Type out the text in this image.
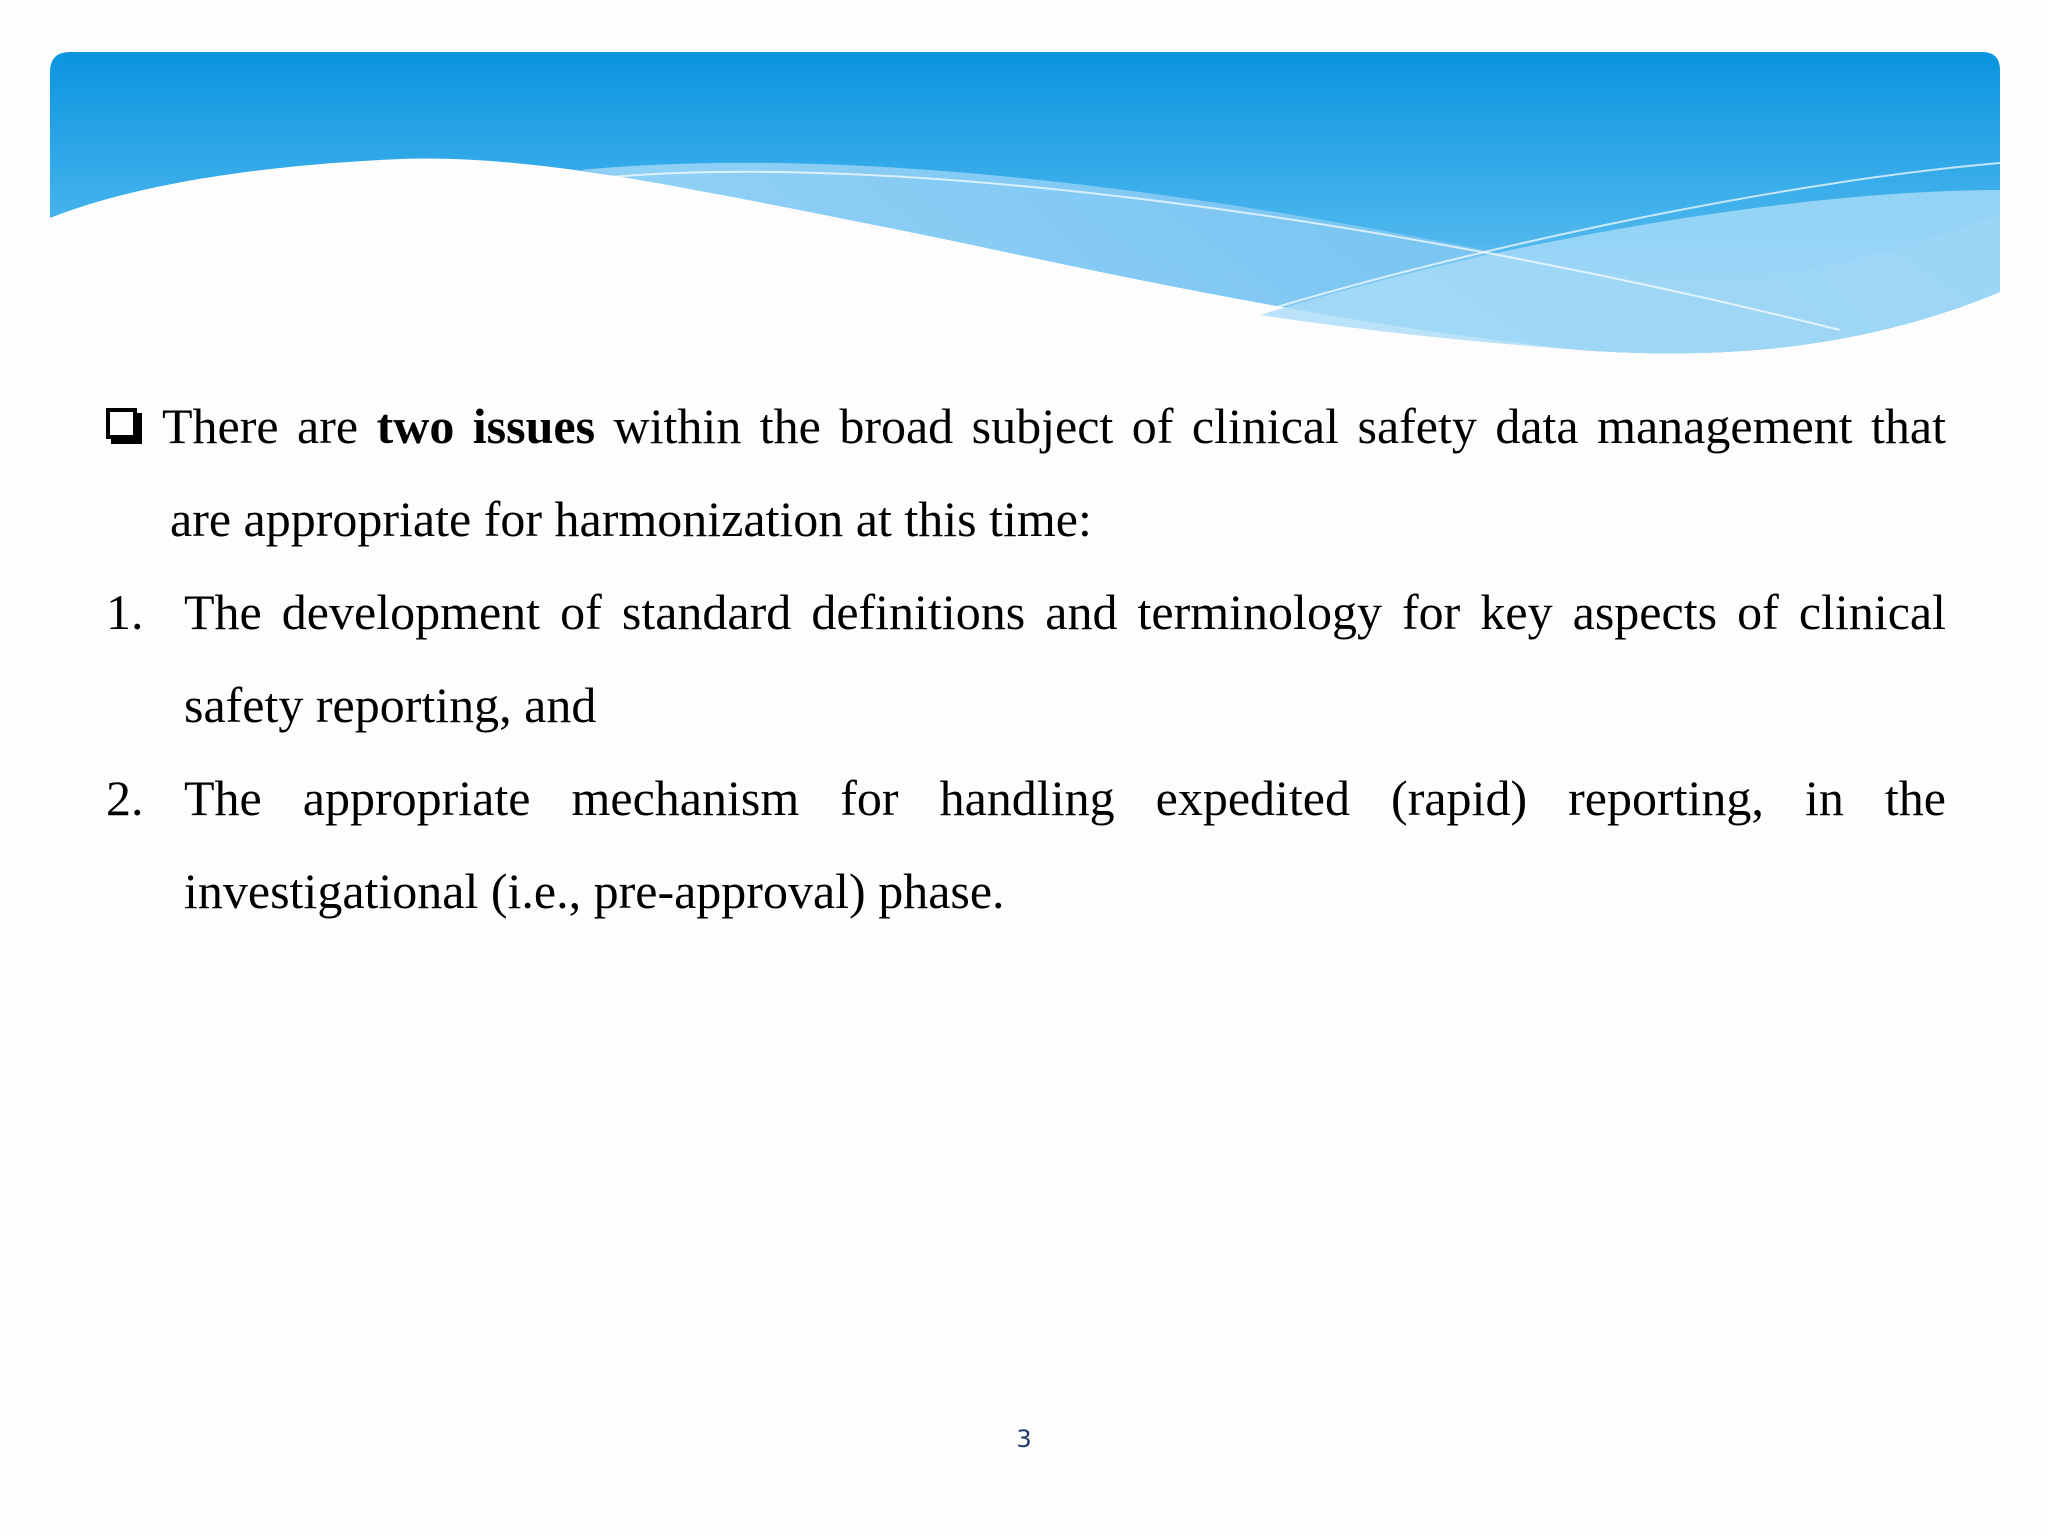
There are two issues within the broad subject of clinical safety data management that
are appropriate for harmonization at this time:
1. The development of standard definitions and terminology for key aspects of clinical
safety reporting, and
2. The appropriate mechanism for handling expedited (rapid) reporting, in the
investigational (i.e., pre-approval) phase.
3
